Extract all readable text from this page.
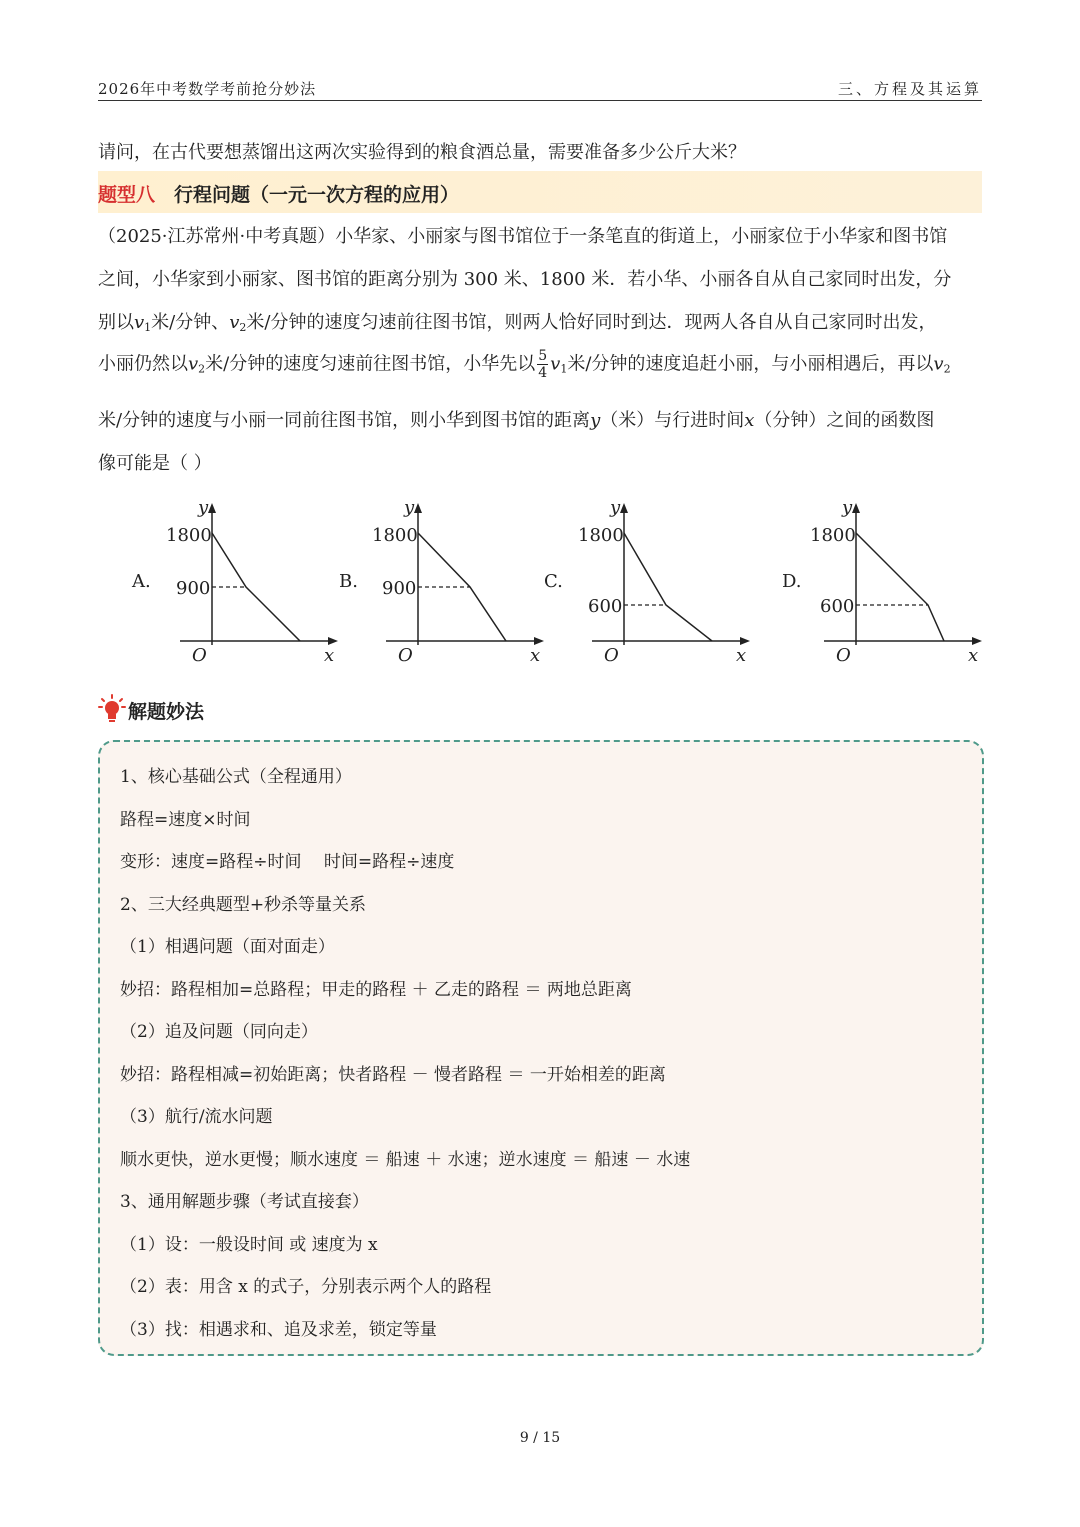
2026年中考数学考前抢分妙法	三、方程及其运算
请问，在古代要想蒸馏出这两次实验得到的粮食酒总量，需要准备多少公斤大米？
题型八 行程问题（一元一次方程的应用）
（2025·江苏常州·中考真题）小华家、小丽家与图书馆位于一条笔直的街道上，小丽家位于小华家和图书馆
之间，小华家到小丽家、图书馆的距离分别为 300 米、1800 米．若小华、小丽各自从自己家同时出发，分
别以$v_1$米/分钟、$v_2$米/分钟的速度匀速前往图书馆，则两人恰好同时到达．现两人各自从自己家同时出发，
小丽仍然以$v_2$米/分钟的速度匀速前往图书馆，小华先以 $\frac{5}{4} v_1$米/分钟的速度追赶小丽，与小丽相遇后，再以$v_2$
米/分钟的速度与小丽一同前往图书馆，则小华到图书馆的距离y（米）与行进时间x（分钟）之间的函数图
像可能是（ ）
A.
1800
900
O	x
y
B.
1800
900
O	x
y
C.
1800
600
O	x
y
D.
1800
600
O	x
y
解题妙法
1、核心基础公式（全程通用）
路程=速度×时间
变形：速度=路程÷时间　 时间=路程÷速度
2、三大经典题型+秒杀等量关系
（1）相遇问题（面对面走）
妙招：路程相加=总路程；甲走的路程 ＋ 乙走的路程 ＝ 两地总距离
（2）追及问题（同向走）
妙招：路程相减=初始距离；快者路程 － 慢者路程 ＝ 一开始相差的距离
（3）航行/流水问题
顺水更快，逆水更慢；顺水速度 ＝ 船速 ＋ 水速；逆水速度 ＝ 船速 － 水速
3、通用解题步骤（考试直接套）
（1）设：一般设时间 或 速度为 x
（2）表：用含 x 的式子，分别表示两个人的路程
（3）找：相遇求和、追及求差，锁定等量
9 / 15
